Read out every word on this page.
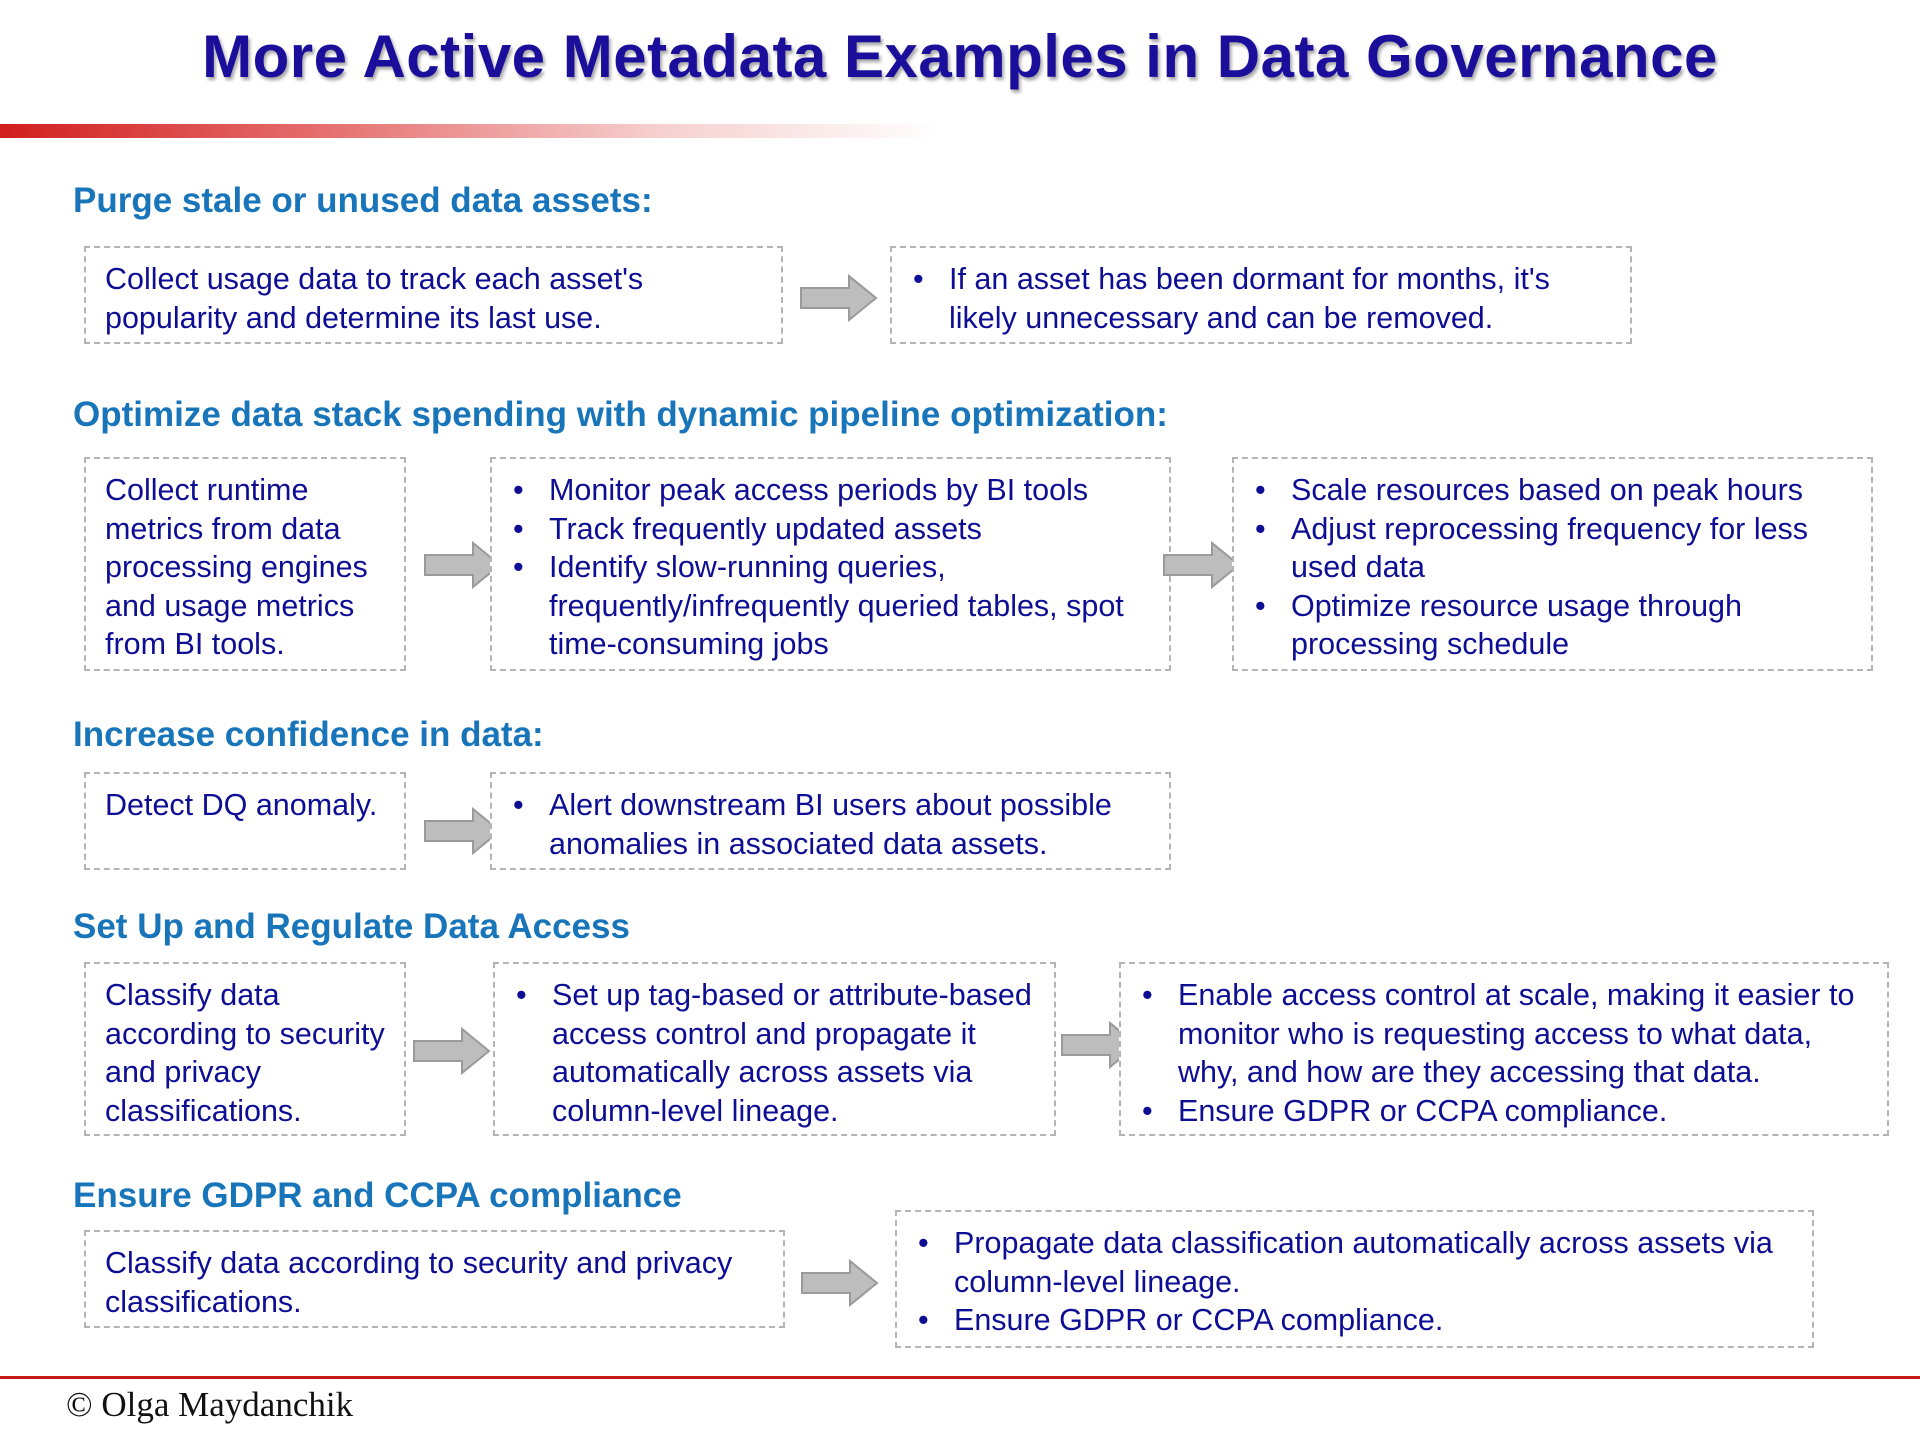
More Active Metadata Examples in Data Governance
Purge stale or unused data assets:
Collect usage data to track each asset's popularity and determine its last use.
• If an asset has been dormant for months, it's likely unnecessary and can be removed.
Optimize data stack spending with dynamic pipeline optimization:
Collect runtime metrics from data processing engines and usage metrics from BI tools.
• Monitor peak access periods by BI tools
• Track frequently updated assets
• Identify slow-running queries, frequently/infrequently queried tables, spot time-consuming jobs
• Scale resources based on peak hours
• Adjust reprocessing frequency for less used data
• Optimize resource usage through processing schedule
Increase confidence in data:
Detect DQ anomaly.
•	Alert downstream BI users about possible anomalies in associated data assets.
Set Up and Regulate Data Access
Classify data according to security and privacy classifications.
• Set up tag-based or attribute-based access control and propagate it automatically across assets via column-level lineage.
• Enable access control at scale, making it easier to monitor who is requesting access to what data, why, and how are they accessing that data.
• Ensure GDPR or CCPA compliance.
Ensure GDPR and CCPA compliance
Classify data according to security and privacy classifications.
• Propagate data classification automatically across assets via column-level lineage.
• Ensure GDPR or CCPA compliance.
© Olga Maydanchik
